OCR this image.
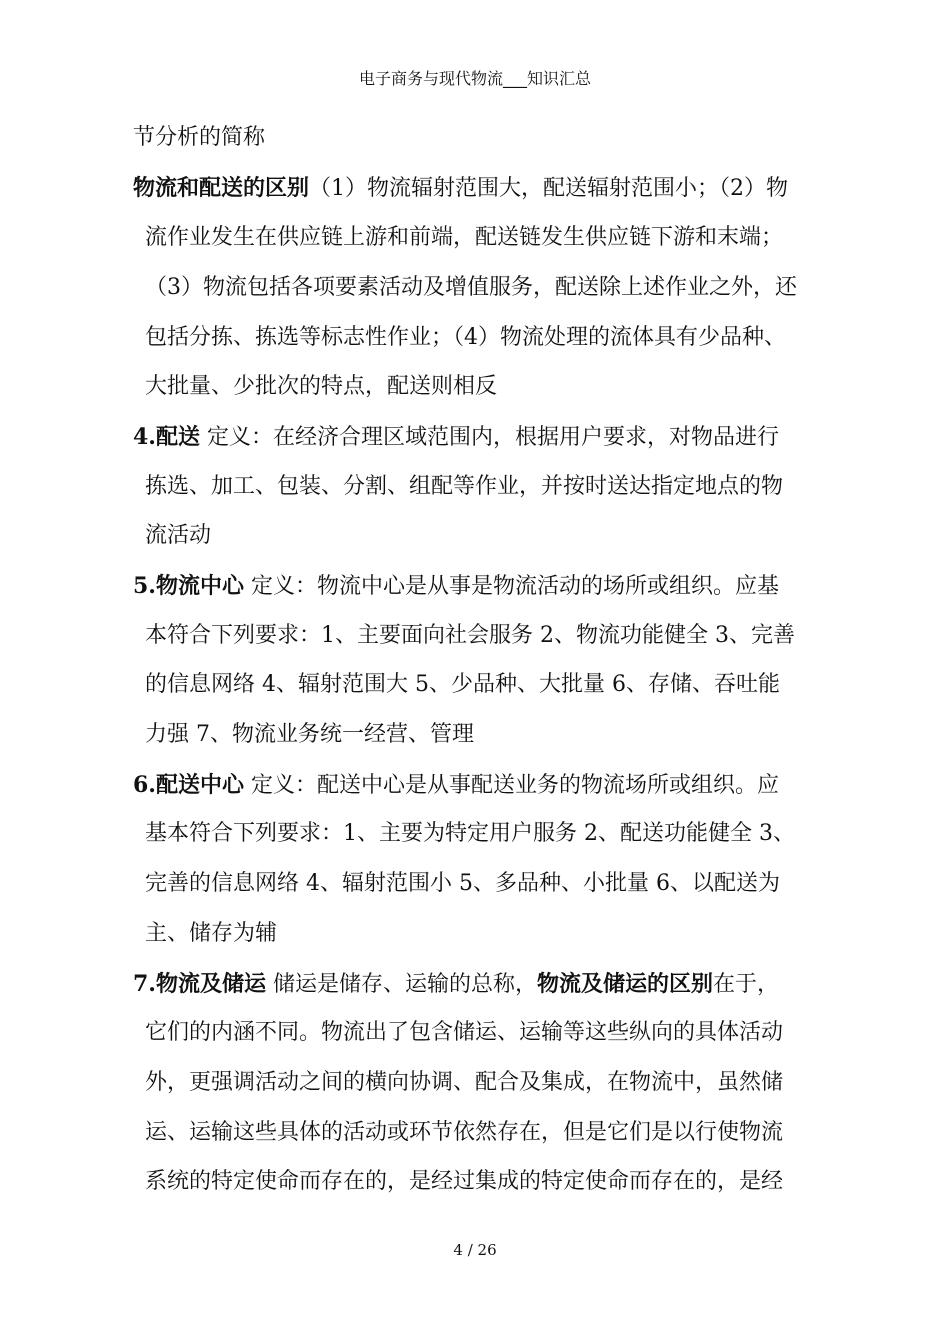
电子商务与现代物流___知识汇总
节分析的简称
物流和配送的区别（1）物流辐射范围大，配送辐射范围小；（2）物
流作业发生在供应链上游和前端，配送链发生供应链下游和末端；
（3）物流包括各项要素活动及增值服务，配送除上述作业之外，还
包括分拣、拣选等标志性作业；（4）物流处理的流体具有少品种、
大批量、少批次的特点，配送则相反
4.配送 定义：在经济合理区域范围内，根据用户要求，对物品进行
拣选、加工、包装、分割、组配等作业，并按时送达指定地点的物
流活动
5.物流中心 定义：物流中心是从事是物流活动的场所或组织。应基
本符合下列要求：1、主要面向社会服务 2、物流功能健全 3、完善
的信息网络 4、辐射范围大 5、少品种、大批量 6、存储、吞吐能
力强 7、物流业务统一经营、管理
6.配送中心 定义：配送中心是从事配送业务的物流场所或组织。应
基本符合下列要求：1、主要为特定用户服务 2、配送功能健全 3、
完善的信息网络 4、辐射范围小 5、多品种、小批量 6、以配送为
主、储存为辅
7.物流及储运 储运是储存、运输的总称，物流及储运的区别在于，
它们的内涵不同。物流出了包含储运、运输等这些纵向的具体活动
外，更强调活动之间的横向协调、配合及集成，在物流中，虽然储
运、运输这些具体的活动或环节依然存在，但是它们是以行使物流
系统的特定使命而存在的，是经过集成的特定使命而存在的，是经
4 / 26
